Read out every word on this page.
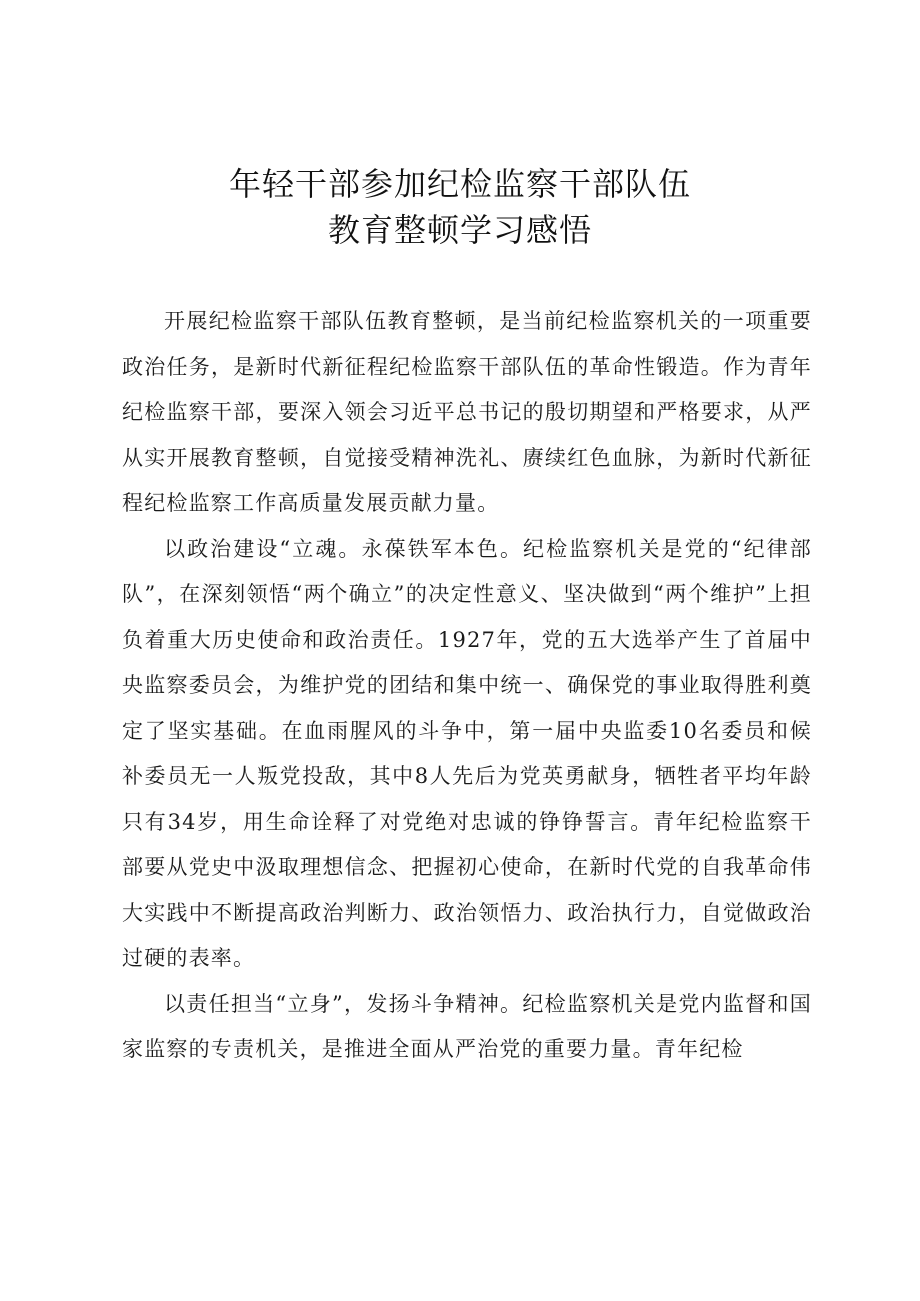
年轻干部参加纪检监察干部队伍
教育整顿学习感悟

开展纪检监察干部队伍教育整顿，是当前纪检监察机关的一项重要政治任务，是新时代新征程纪检监察干部队伍的革命性锻造。作为青年纪检监察干部，要深入领会习近平总书记的殷切期望和严格要求，从严从实开展教育整顿，自觉接受精神洗礼、赓续红色血脉，为新时代新征程纪检监察工作高质量发展贡献力量。

以政治建设“立魂。永葆铁军本色。纪检监察机关是党的“纪律部队”，在深刻领悟“两个确立”的决定性意义、坚决做到“两个维护”上担负着重大历史使命和政治责任。1927年，党的五大选举产生了首届中央监察委员会，为维护党的团结和集中统一、确保党的事业取得胜利奠定了坚实基础。在血雨腥风的斗争中，第一届中央监委10名委员和候补委员无一人叛党投敌，其中8人先后为党英勇献身，牺牲者平均年龄只有34岁，用生命诠释了对党绝对忠诚的铮铮誓言。青年纪检监察干部要从党史中汲取理想信念、把握初心使命，在新时代党的自我革命伟大实践中不断提高政治判断力、政治领悟力、政治执行力，自觉做政治过硬的表率。

以责任担当“立身”，发扬斗争精神。纪检监察机关是党内监督和国家监察的专责机关，是推进全面从严治党的重要力量。青年纪检
